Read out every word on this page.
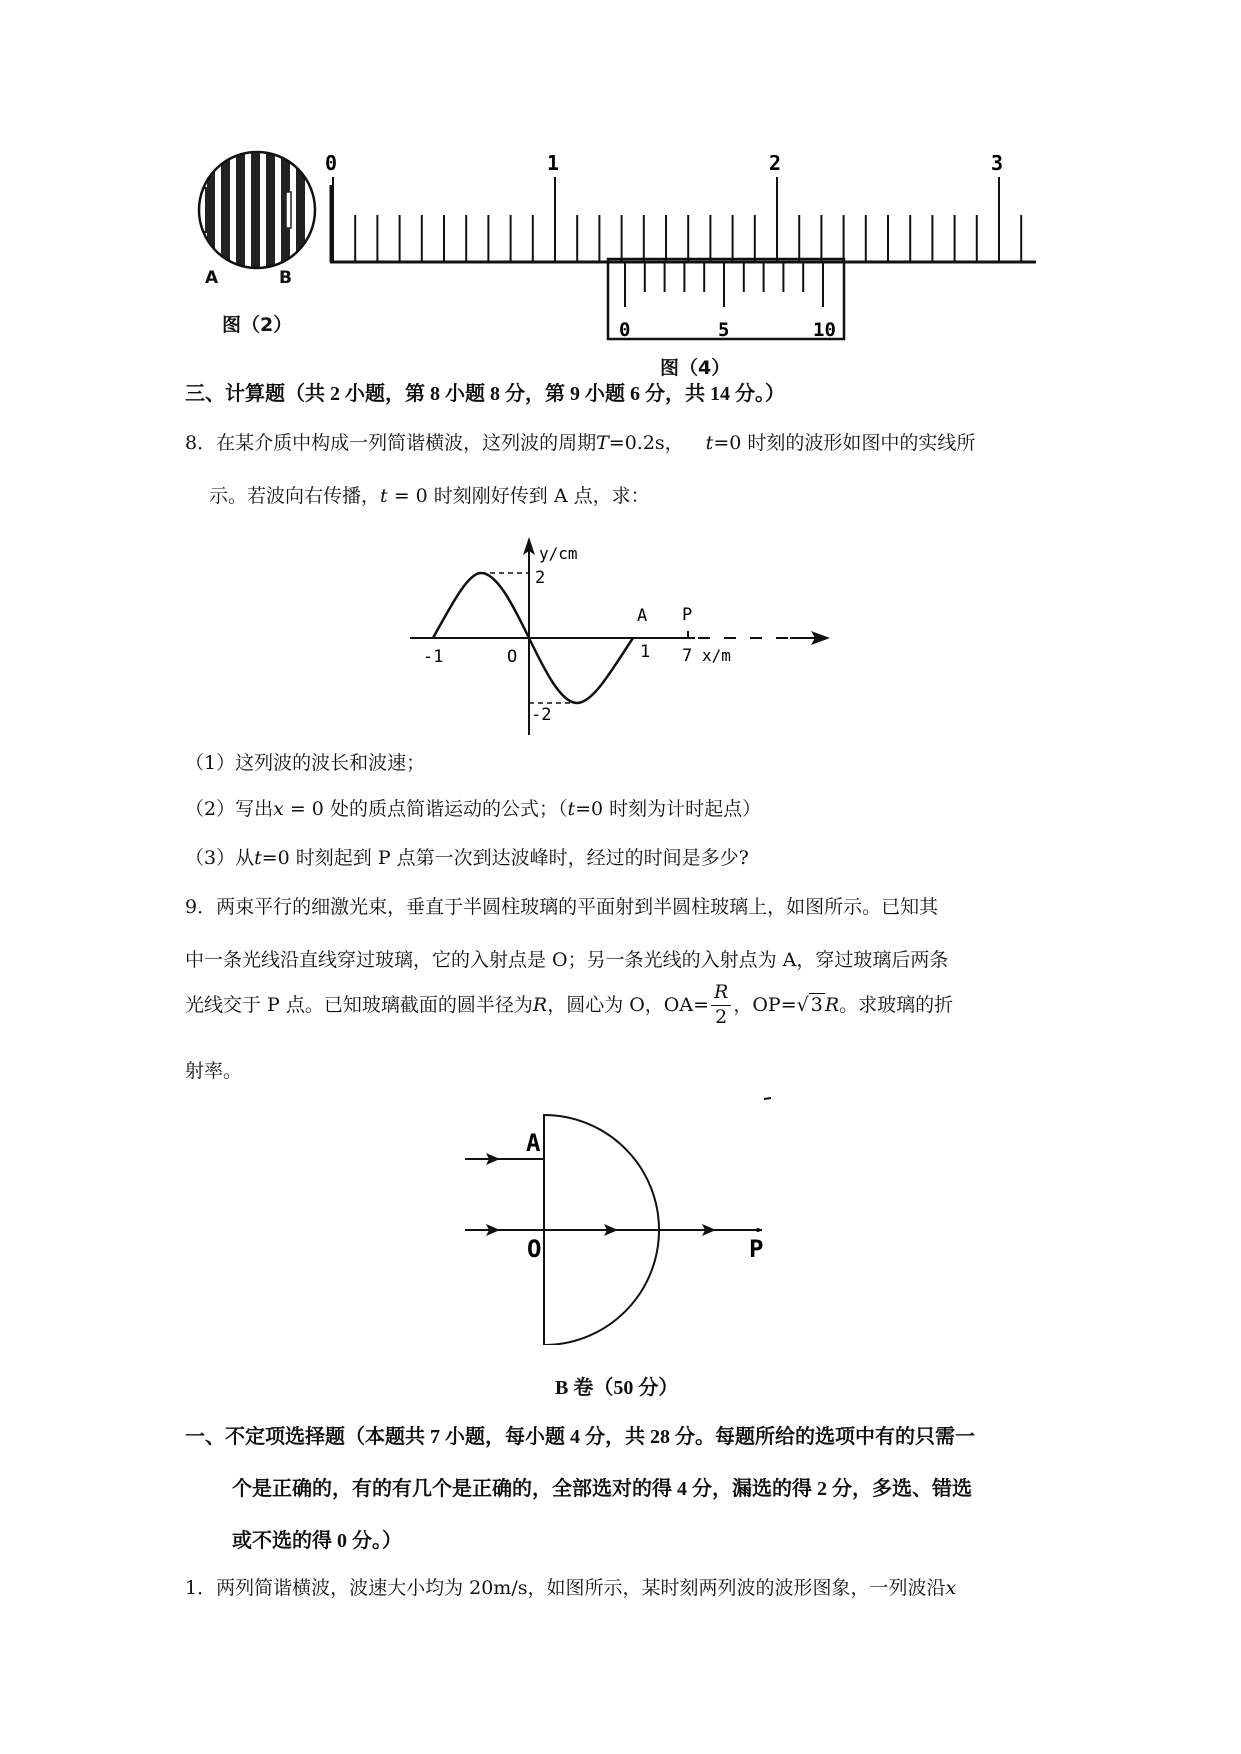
A	B
图（2）
0	1	2	3
0	5	10
图（4）
三、计算题（共 2 小题，第 8 小题 8 分，第 9 小题 6 分，共 14 分。）
8．在某介质中构成一列简谐横波，这列波的周期T=0.2s， t=0 时刻的波形如图中的实线所
示。若波向右传播，t = 0 时刻刚好传到 A 点，求：
y/cm
2
-2
-1	O	1 7 x/m
A P
（1）这列波的波长和波速；
（2）写出x = 0 处的质点简谐运动的公式；（t=0 时刻为计时起点）
（3）从t=0 时刻起到 P 点第一次到达波峰时，经过的时间是多少?
9．两束平行的细激光束，垂直于半圆柱玻璃的平面射到半圆柱玻璃上，如图所示。已知其
中一条光线沿直线穿过玻璃，它的入射点是 O；另一条光线的入射点为 A，穿过玻璃后两条
光线交于 P 点。已知玻璃截面的圆半径为R，圆心为 O，$OA= \frac{R}{2}$ ，OP=√ 3 R。求玻璃的折
射率。
A
O	P
B 卷（50 分）
一、不定项选择题（本题共 7 小题，每小题 4 分，共 28 分。每题所给的选项中有的只需一
个是正确的，有的有几个是正确的，全部选对的得 4 分，漏选的得 2 分，多选、错选
或不选的得 0 分。）
1．两列简谐横波，波速大小均为 20m/s，如图所示，某时刻两列波的波形图象，一列波沿x
